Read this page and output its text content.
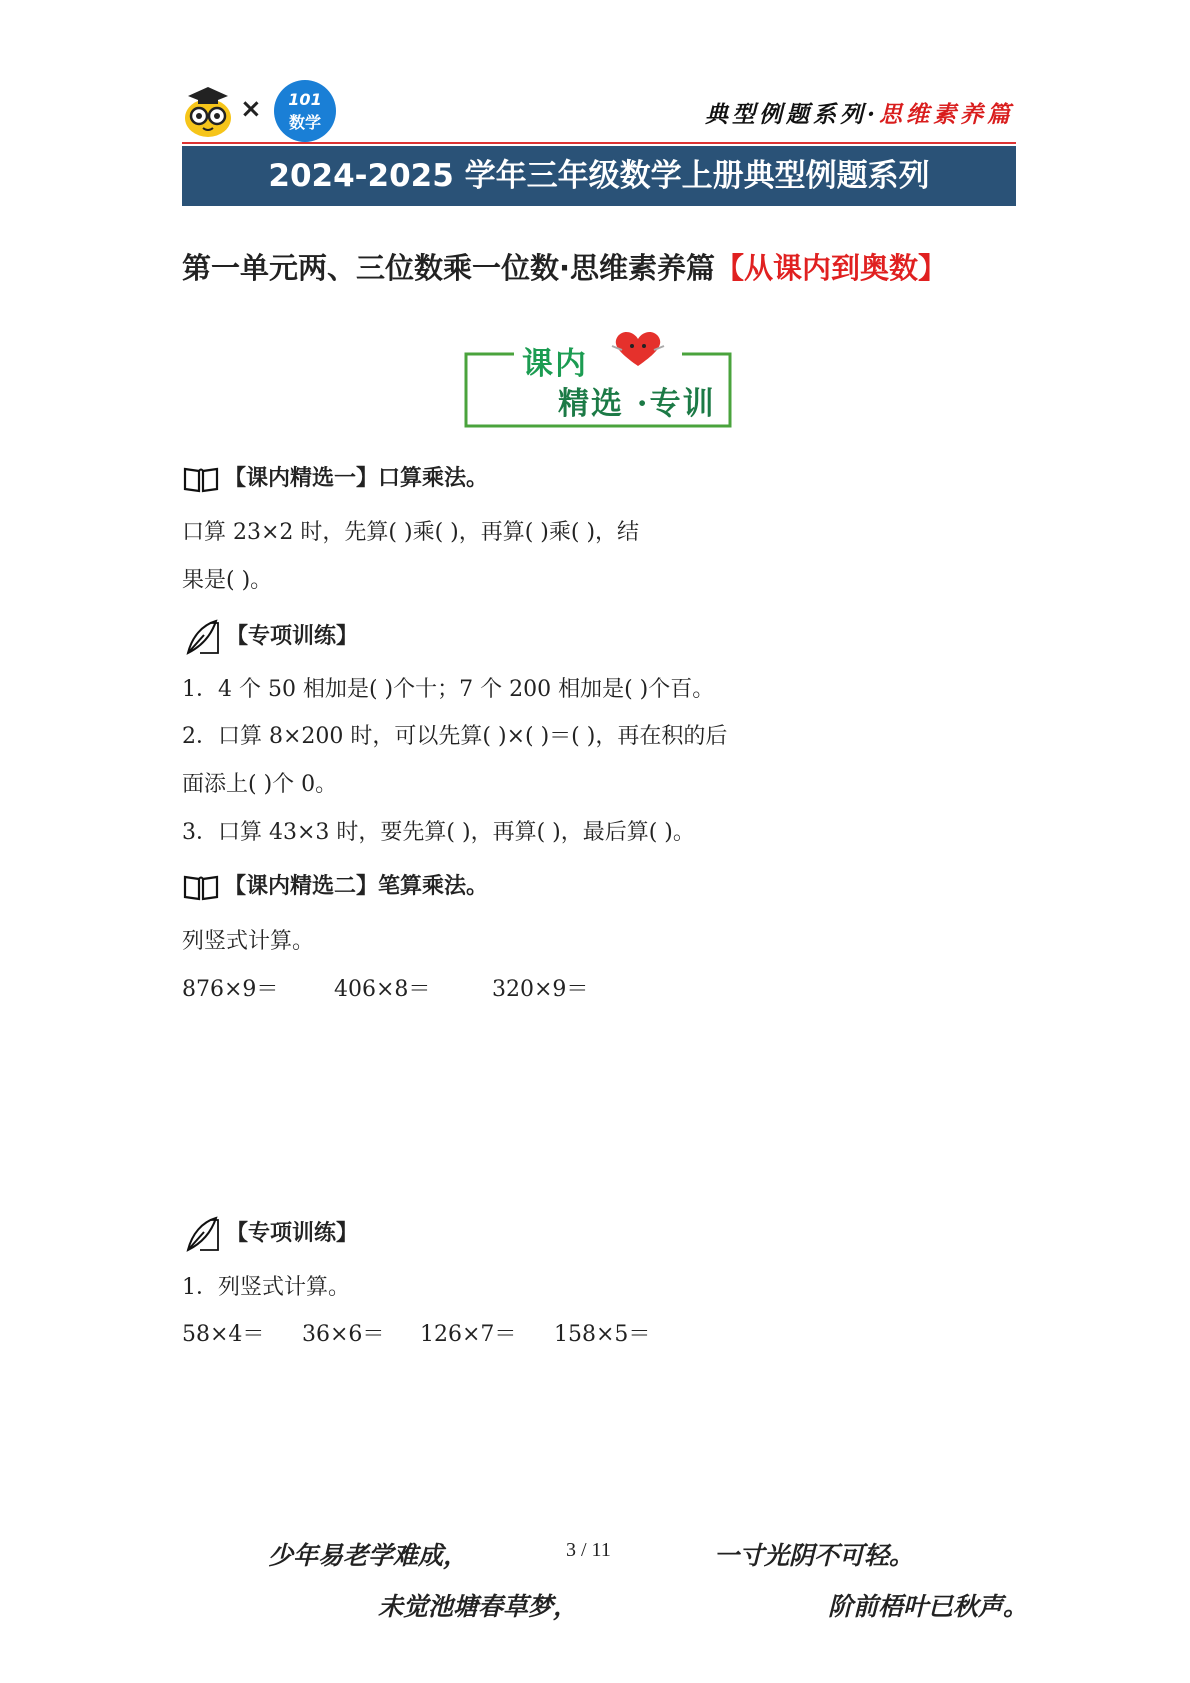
×	101
数学	典型例题系列·思维素养篇
2024-2025 学年三年级数学上册典型例题系列
第一单元两、三位数乘一位数·思维素养篇【从课内到奥数】
课内
精选 ·专训
【课内精选一】口算乘法。
口算 23×2 时，先算( )乘( )，再算( )乘( )，结
果是( )。
【专项训练】
1．4 个 50 相加是( )个十；7 个 200 相加是( )个百。
2．口算 8×200 时，可以先算( )×( )＝( )，再在积的后
面添上( )个 0。
3．口算 43×3 时，要先算( )，再算( )，最后算( )。
【课内精选二】笔算乘法。
列竖式计算。
876×9＝	406×8＝	320×9＝
【专项训练】
1．列竖式计算。
58×4＝ 36×6＝ 126×7＝ 158×5＝
少年易老学难成，	3 / 11	一寸光阴不可轻。
未觉池塘春草梦，	阶前梧叶已秋声。
